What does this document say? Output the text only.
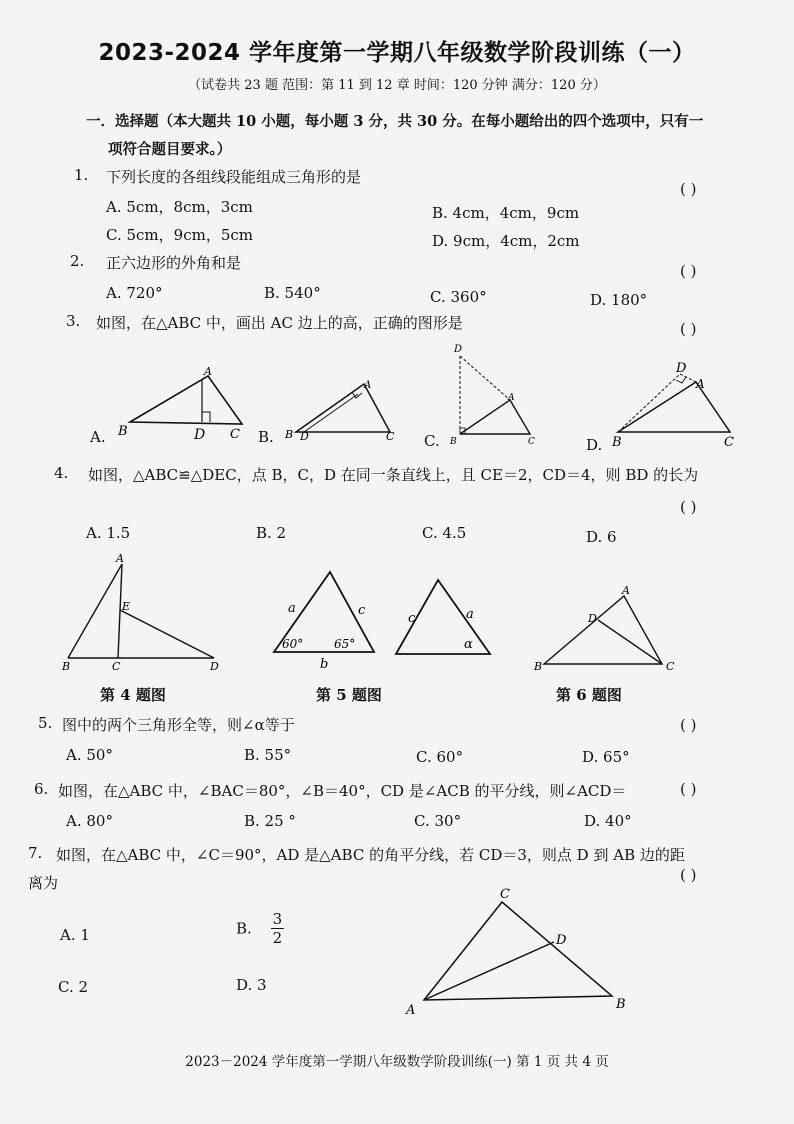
2023-2024 学年度第一学期八年级数学阶段训练（一）
（试卷共 23 题 范围：第 11 到 12 章 时间：120 分钟 满分：120 分）
一．选择题（本大题共 10 小题，每小题 3 分，共 30 分。在每小题给出的四个选项中，只有一
项符合题目要求。）
1. 下列长度的各组线段能组成三角形的是
( )
A. 5cm，8cm，3cm	B. 4cm，4cm，9cm
C. 5cm，9cm，5cm	D. 9cm，4cm，2cm
2. 正六边形的外角和是	( )
A. 720°	B. 540°	C. 360°	D. 180°
3. 如图，在△ABC 中，画出 AC 边上的高，正确的图形是	( )
A.	B.	C.	D.
A
B	D C
A
B D	C
D
A
B	C
D
A
B	C
4. 如图，△ABC≌△DEC，点 B，C，D 在同一条直线上，且 CE＝2，CD＝4，则 BD 的长为
( )
A. 1.5	B. 2	C. 4.5	D. 6
A
E
B	C	D
a	c
60°	65°
b
c	a
α
A
D
B	C
第 4 题图	第 5 题图	第 6 题图
5. 图中的两个三角形全等，则∠α等于	( )
A. 50°	B. 55°	C. 60°	D. 65°
6. 如图，在△ABC 中，∠BAC＝80°，∠B＝40°，CD 是∠ACB 的平分线，则∠ACD＝	( )
A. 80°	B. 25 °	C. 30°	D. 40°
7. 如图，在△ABC 中，∠C＝90°，AD 是△ABC 的角平分线，若 CD＝3，则点 D 到 AB 边的距
离为	( )
A. 1	B. $\frac{3}{2}$
C. 2	D. 3
C
D
A	B
2023－2024 学年度第一学期八年级数学阶段训练(一) 第 1 页 共 4 页
